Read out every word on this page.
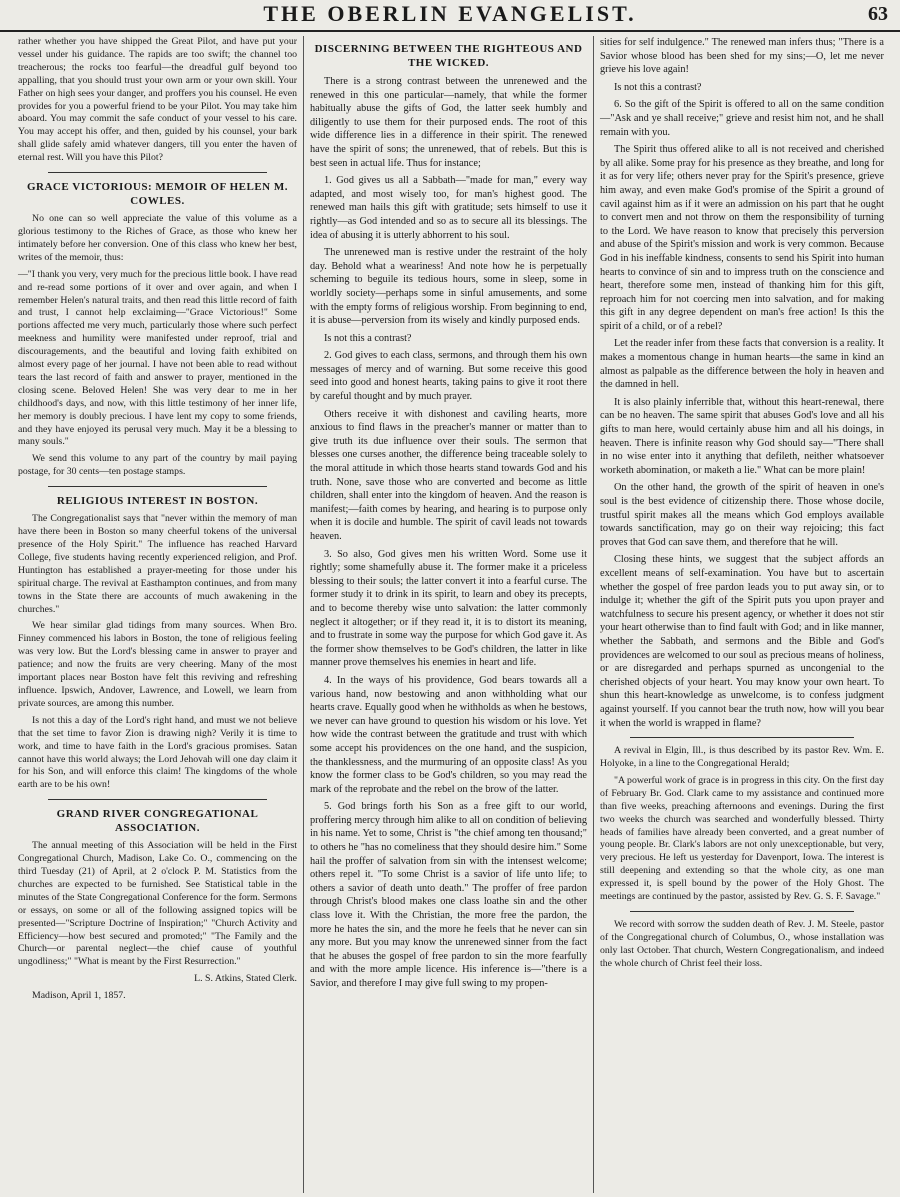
THE OBERLIN EVANGELIST.	63

rather whether you have shipped the Great Pilot, and have put your vessel under his guidance. The rapids are too swift; the channel too treacherous; the rocks too fearful—the dreadful gulf beyond too appalling, that you should trust your own arm or your own skill. Your Father on high sees your danger, and proffers you his counsel. He even provides for you a powerful friend to be your Pilot. You may take him aboard. You may commit the safe conduct of your vessel to his care. You may accept his offer, and then, guided by his counsel, your bark shall glide safely amid whatever dangers, till you enter the haven of eternal rest. Will you have this Pilot?

GRACE VICTORIOUS: MEMOIR OF HELEN M. COWLES.

No one can so well appreciate the value of this volume as a glorious testimony to the Riches of Grace, as those who knew her intimately before her conversion. One of this class who knew her best, writes of the memoir, thus:

—"I thank you very, very much for the precious little book. I have read and re-read some portions of it over and over again, and when I remember Helen's natural traits, and then read this little record of faith and trust, I cannot help exclaiming—"Grace Victorious!" Some portions affected me very much, particularly those where such perfect meekness and humility were manifested under reproof, trial and discouragements, and the beautiful and loving faith exhibited on almost every page of her journal. I have not been able to read without tears the last record of faith and answer to prayer, mentioned in the closing scene. Beloved Helen! She was very dear to me in her childhood's days, and now, with this little testimony of her inner life, her memory is doubly precious. I have lent my copy to some friends, and they have enjoyed its perusal very much. May it be a blessing to many souls."

We send this volume to any part of the country by mail paying postage, for 30 cents—ten postage stamps.

RELIGIOUS INTEREST IN BOSTON.

The Congregationalist says that "never within the memory of man have there been in Boston so many cheerful tokens of the universal presence of the Holy Spirit." The influence has reached Harvard College, five students having recently experienced religion, and Prof. Huntington has established a prayer-meeting for those under his spiritual charge. The revival at Easthampton continues, and from many towns in the State there are accounts of much awakening in the churches."

We hear similar glad tidings from many sources. When Bro. Finney commenced his labors in Boston, the tone of religious feeling was very low. But the Lord's blessing came in answer to prayer and patience; and now the fruits are very cheering. Many of the most important places near Boston have felt this reviving and refreshing influence. Ipswich, Andover, Lawrence, and Lowell, we learn from private sources, are among this number.

Is not this a day of the Lord's right hand, and must we not believe that the set time to favor Zion is drawing nigh? Verily it is time to work, and time to have faith in the Lord's gracious promises. Satan cannot have this world always; the Lord Jehovah will one day claim it for his Son, and will enforce this claim! The kingdoms of the whole earth are to be his own!

GRAND RIVER CONGREGATIONAL ASSOCIATION.

The annual meeting of this Association will be held in the First Congregational Church, Madison, Lake Co. O., commencing on the third Tuesday (21) of April, at 2 o'clock P. M. Statistics from the churches are expected to be furnished. See Statistical table in the minutes of the State Congregational Conference for the form. Sermons or essays, on some or all of the following assigned topics will be presented—"Scripture Doctrine of Inspiration;" "Church Activity and Efficiency—how best secured and promoted;" "The Family and the Church—or parental neglect—the chief cause of youthful ungodliness;" "What is meant by the First Resurrection."

L. S. Atkins, Stated Clerk.

Madison, April 1, 1857.

DISCERNING BETWEEN THE RIGHTEOUS AND THE WICKED.

There is a strong contrast between the unrenewed and the renewed in this one particular—namely, that while the former habitually abuse the gifts of God, the latter seek humbly and diligently to use them for their purposed ends. The root of this wide difference lies in a difference in their spirit. The renewed have the spirit of sons; the unrenewed, that of rebels. But this is best seen in actual life. Thus for instance;

1. God gives us all a Sabbath—"made for man," every way adapted, and most wisely too, for man's highest good. The renewed man hails this gift with gratitude; sets himself to use it rightly—as God intended and so as to secure all its blessings. The idea of abusing it is utterly abhorrent to his soul.

The unrenewed man is restive under the restraint of the holy day. Behold what a weariness! And note how he is perpetually scheming to beguile its tedious hours, some in sleep, some in worldly society—perhaps some in sinful amusements, and some with the empty forms of religious worship. From beginning to end, it is abuse—perversion from its wisely and kindly purposed ends.

Is not this a contrast?

2. God gives to each class, sermons, and through them his own messages of mercy and of warning. But some receive this good seed into good and honest hearts, taking pains to give it root there by careful thought and by much prayer.

Others receive it with dishonest and caviling hearts, more anxious to find flaws in the preacher's manner or matter than to give truth its due influence over their souls. The sermon that blesses one curses another, the difference being traceable solely to the moral attitude in which those hearts stand towards God and his truth. None, save those who are converted and become as little children, shall enter into the kingdom of heaven. And the reason is manifest;—faith comes by hearing, and hearing is to purpose only when it is docile and humble. The spirit of cavil leads not towards heaven.

3. So also, God gives men his written Word. Some use it rightly; some shamefully abuse it. The former make it a priceless blessing to their souls; the latter convert it into a fearful curse. The former study it to drink in its spirit, to learn and obey its precepts, and to become thereby wise unto salvation: the latter commonly neglect it altogether; or if they read it, it is to distort its meaning, and to frustrate in some way the purpose for which God gave it. As the former show themselves to be God's children, the latter in like manner prove themselves his enemies in heart and life.

4. In the ways of his providence, God bears towards all a various hand, now bestowing and anon withholding what our hearts crave. Equally good when he withholds as when he bestows, we never can have ground to question his wisdom or his love. Yet how wide the contrast between the gratitude and trust with which some accept his providences on the one hand, and the suspicion, the thanklessness, and the murmuring of an opposite class! As you know the former class to be God's children, so you may read the mark of the reprobate and the rebel on the brow of the latter.

5. God brings forth his Son as a free gift to our world, proffering mercy through him alike to all on condition of believing in his name. Yet to some, Christ is "the chief among ten thousand;" to others he "has no comeliness that they should desire him." Some hail the proffer of salvation from sin with the intensest welcome; others repel it. "To some Christ is a savior of life unto life; to others a savior of death unto death." The proffer of free pardon through Christ's blood makes one class loathe sin and the other class love it. With the Christian, the more free the pardon, the more he hates the sin, and the more he feels that he never can sin any more. But you may know the unrenewed sinner from the fact that he abuses the gospel of free pardon to sin the more fearfully and with the more ample licence. His inference is—"there is a Savior, and therefore I may give full swing to my propen-

sities for self indulgence." The renewed man infers thus; "There is a Savior whose blood has been shed for my sins;—O, let me never grieve his love again!

Is not this a contrast?

6. So the gift of the Spirit is offered to all on the same condition—"Ask and ye shall receive;" grieve and resist him not, and he shall remain with you.

The Spirit thus offered alike to all is not received and cherished by all alike. Some pray for his presence as they breathe, and long for it as for very life; others never pray for the Spirit's presence, grieve him away, and even make God's promise of the Spirit a ground of cavil against him as if it were an admission on his part that he ought to convert men and not throw on them the responsibility of turning to the Lord. We have reason to know that precisely this perversion and abuse of the Spirit's mission and work is very common. Because God in his ineffable kindness, consents to send his Spirit into human hearts to convince of sin and to impress truth on the conscience and heart, therefore some men, instead of thanking him for this gift, reproach him for not coercing men into salvation, and for making this gift in any degree dependent on man's free action! Is this the spirit of a child, or of a rebel?

Let the reader infer from these facts that conversion is a reality. It makes a momentous change in human hearts—the same in kind an almost as palpable as the difference between the holy in heaven and the damned in hell.

It is also plainly inferrible that, without this heart-renewal, there can be no heaven. The same spirit that abuses God's love and all his gifts to man here, would certainly abuse him and all his doings, in heaven. There is infinite reason why God should say—"There shall in no wise enter into it anything that defileth, neither whatsoever worketh abomination, or maketh a lie." What can be more plain!

On the other hand, the growth of the spirit of heaven in one's soul is the best evidence of citizenship there. Those whose docile, trustful spirit makes all the means which God employs available towards sanctification, may go on their way rejoicing; this fact proves that God can save them, and therefore that he will.

Closing these hints, we suggest that the subject affords an excellent means of self-examination. You have but to ascertain whether the gospel of free pardon leads you to put away sin, or to indulge it; whether the gift of the Spirit puts you upon prayer and watchfulness to secure his present agency, or whether it does not stir your heart otherwise than to find fault with God; and in like manner, whether the Sabbath, and sermons and the Bible and God's providences are welcomed to our soul as precious means of holiness, or are disregarded and perhaps spurned as uncongenial to the cherished objects of your heart. You may know your own heart. To shun this heart-knowledge as unwelcome, is to confess judgment against yourself. If you cannot bear the truth now, how will you bear it when the world is wrapped in flame?

A revival in Elgin, Ill., is thus described by its pastor Rev. Wm. E. Holyoke, in a line to the Congregational Herald;

"A powerful work of grace is in progress in this city. On the first day of February Br. God. Clark came to my assistance and continued more than five weeks, preaching afternoons and evenings. During the first two weeks the church was searched and wonderfully blessed. Thirty heads of families have already been converted, and a great number of young people. Br. Clark's labors are not only unexceptionable, but very, very precious. He left us yesterday for Davenport, Iowa. The interest is still deepening and extending so that the whole city, as one man expressed it, is spell bound by the power of the Holy Ghost. The meetings are continued by the pastor, assisted by Rev. G. S. F. Savage."

We record with sorrow the sudden death of Rev. J. M. Steele, pastor of the Congregational church of Columbus, O., whose installation was only last October. That church, Western Congregationalism, and indeed the whole church of Christ feel their loss.
